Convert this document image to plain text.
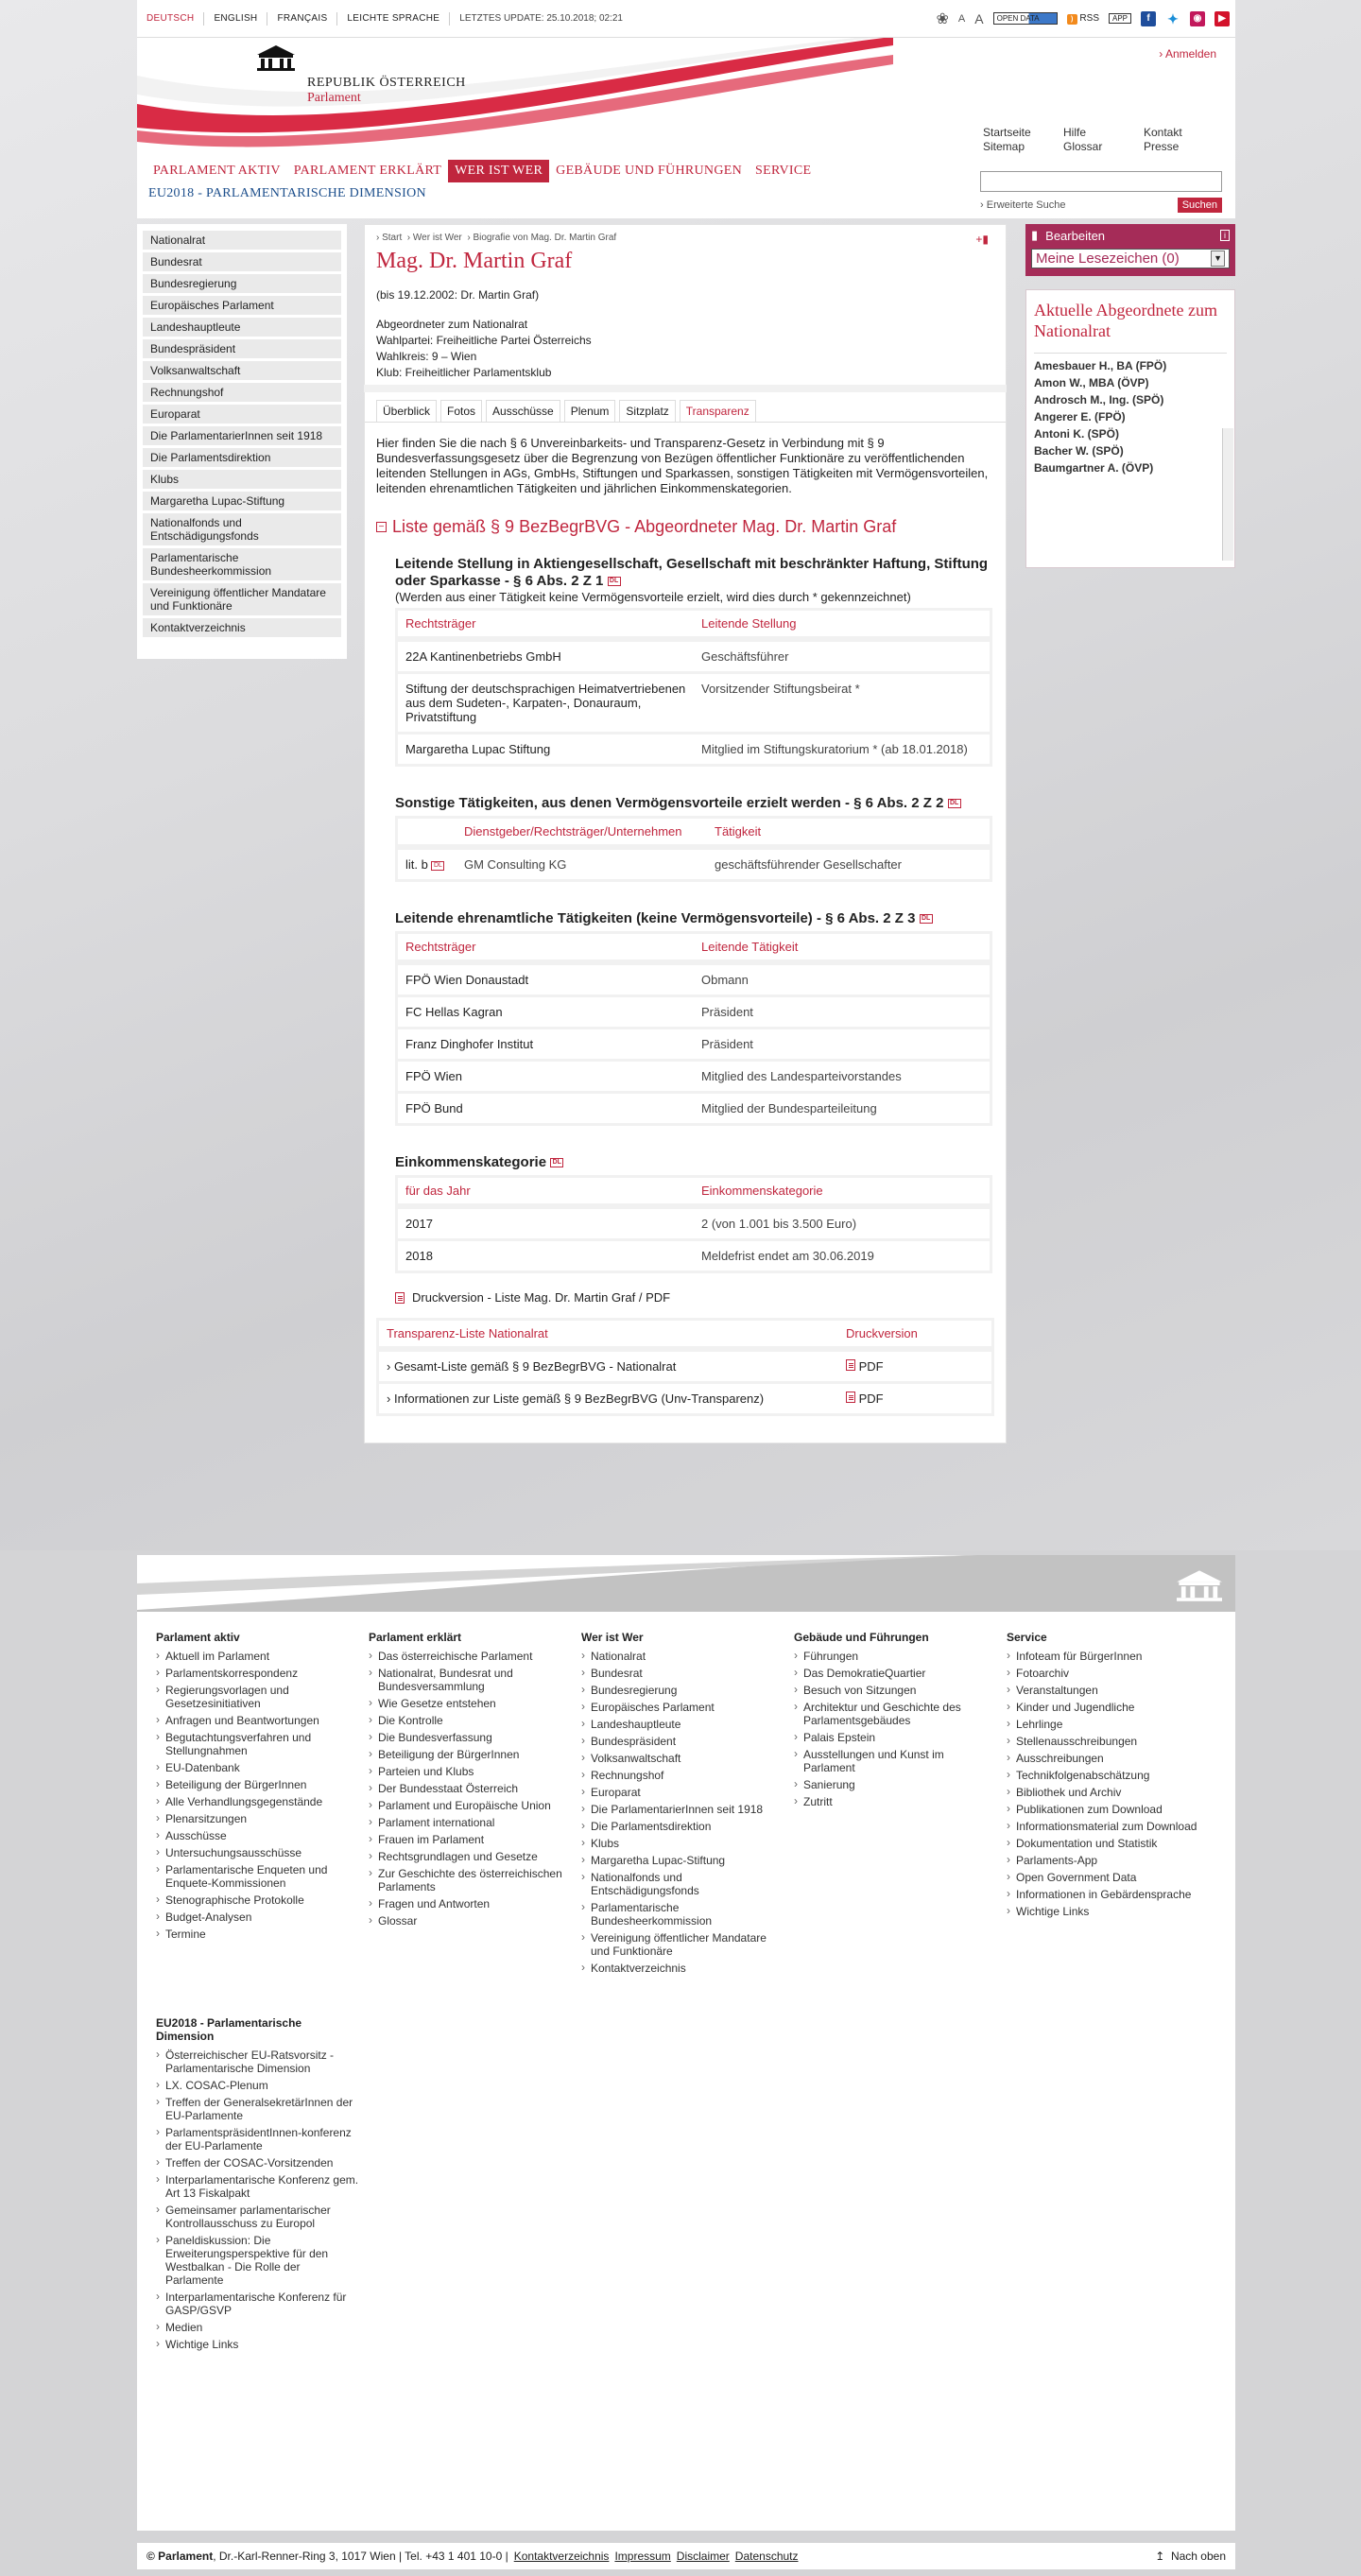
DEUTSCH	ENGLISH	FRANÇAIS	LEICHTE SPRACHE	LETZTES UPDATE: 25.10.2018; 02:21	❀ A A	OPEN DATA	) RSS	APP	f	✦	◉	▶
REPUBLIK ÖSTERREICH
Parlament
› Anmelden
Startseite	Hilfe	Kontakt
Sitemap	Glossar	Presse
PARLAMENT AKTIV	PARLAMENT ERKLÄRT	WER IST WER	GEBÄUDE UND FÜHRUNGEN	SERVICE
EU2018 - PARLAMENTARISCHE DIMENSION
› Erweiterte Suche	Suchen
Nationalrat
Bundesrat
Bundesregierung
Europäisches Parlament
Landeshauptleute
Bundespräsident
Volksanwaltschaft
Rechnungshof
Europarat
Die ParlamentarierInnen seit 1918
Die Parlamentsdirektion
Klubs
Margaretha Lupac-Stiftung
Nationalfonds und Entschädigungsfonds
Parlamentarische Bundesheerkommission
Vereinigung öffentlicher Mandatare und Funktionäre
Kontaktverzeichnis
+▮
› Start › Wer ist Wer › Biografie von Mag. Dr. Martin Graf
Mag. Dr. Martin Graf
(bis 19.12.2002: Dr. Martin Graf)
Abgeordneter zum Nationalrat
Wahlpartei: Freiheitliche Partei Österreichs
Wahlkreis: 9 – Wien
Klub: Freiheitlicher Parlamentsklub
Überblick	Fotos	Ausschüsse	Plenum	Sitzplatz	Transparenz
Hier finden Sie die nach § 6 Unvereinbarkeits- und Transparenz-Gesetz in Verbindung mit § 9 Bundesverfassungsgesetz über die Begrenzung von Bezügen öffentlicher Funktionäre zu veröffentlichenden leitenden Stellungen in AGs, GmbHs, Stiftungen und Sparkassen, sonstigen Tätigkeiten mit Vermögensvorteilen, leitenden ehrenamtlichen Tätigkeiten und jährlichen Einkommenskategorien.
− Liste gemäß § 9 BezBegrBVG - Abgeordneter Mag. Dr. Martin Graf
Leitende Stellung in Aktiengesellschaft, Gesellschaft mit beschränkter Haftung, Stiftung oder Sparkasse - § 6 Abs. 2 Z 1 DL
(Werden aus einer Tätigkeit keine Vermögensvorteile erzielt, wird dies durch * gekennzeichnet)
Rechtsträger	Leitende Stellung
22A Kantinenbetriebs GmbH	Geschäftsführer
Stiftung der deutschsprachigen Heimatvertriebenen aus dem Sudeten-, Karpaten-, Donauraum, Privatstiftung	Vorsitzender Stiftungsbeirat *
Margaretha Lupac Stiftung	Mitglied im Stiftungskuratorium * (ab 18.01.2018)
Sonstige Tätigkeiten, aus denen Vermögensvorteile erzielt werden - § 6 Abs. 2 Z 2 DL
	Dienstgeber/Rechtsträger/Unternehmen	Tätigkeit
lit. b DL	GM Consulting KG	geschäftsführender Gesellschafter
Leitende ehrenamtliche Tätigkeiten (keine Vermögensvorteile) - § 6 Abs. 2 Z 3 DL
Rechtsträger	Leitende Tätigkeit
FPÖ Wien Donaustadt	Obmann
FC Hellas Kagran	Präsident
Franz Dinghofer Institut	Präsident
FPÖ Wien	Mitglied des Landesparteivorstandes
FPÖ Bund	Mitglied der Bundesparteileitung
Einkommenskategorie DL
für das Jahr	Einkommenskategorie
2017	2 (von 1.001 bis 3.500 Euro)
2018	Meldefrist endet am 30.06.2019
Druckversion - Liste Mag. Dr. Martin Graf / PDF
Transparenz-Liste Nationalrat	Druckversion
› Gesamt-Liste gemäß § 9 BezBegrBVG - Nationalrat	PDF
› Informationen zur Liste gemäß § 9 BezBegrBVG (Unv-Transparenz)	PDF
▮ Bearbeiten	i
Meine Lesezeichen (0)	▼
Aktuelle Abgeordnete zum Nationalrat
Amesbauer H., BA (FPÖ)
Amon W., MBA (ÖVP)
Androsch M., Ing. (SPÖ)
Angerer E. (FPÖ)
Antoni K. (SPÖ)
Bacher W. (SPÖ)
Baumgartner A. (ÖVP)
Parlament aktiv
› Aktuell im Parlament
› Parlamentskorrespondenz
› Regierungsvorlagen und Gesetzesinitiativen
› Anfragen und Beantwortungen
› Begutachtungsverfahren und Stellungnahmen
› EU-Datenbank
› Beteiligung der BürgerInnen
› Alle Verhandlungsgegenstände
› Plenarsitzungen
› Ausschüsse
› Untersuchungsausschüsse
› Parlamentarische Enqueten und Enquete-Kommissionen
› Stenographische Protokolle
› Budget-Analysen
› Termine
Parlament erklärt
› Das österreichische Parlament
› Nationalrat, Bundesrat und Bundesversammlung
› Wie Gesetze entstehen
› Die Kontrolle
› Die Bundesverfassung
› Beteiligung der BürgerInnen
› Parteien und Klubs
› Der Bundesstaat Österreich
› Parlament und Europäische Union
› Parlament international
› Frauen im Parlament
› Rechtsgrundlagen und Gesetze
› Zur Geschichte des österreichischen Parlaments
› Fragen und Antworten
› Glossar
Wer ist Wer
› Nationalrat
› Bundesrat
› Bundesregierung
› Europäisches Parlament
› Landeshauptleute
› Bundespräsident
› Volksanwaltschaft
› Rechnungshof
› Europarat
› Die ParlamentarierInnen seit 1918
› Die Parlamentsdirektion
› Klubs
› Margaretha Lupac-Stiftung
› Nationalfonds und Entschädigungsfonds
› Parlamentarische Bundesheerkommission
› Vereinigung öffentlicher Mandatare und Funktionäre
› Kontaktverzeichnis
Gebäude und Führungen
› Führungen
› Das DemokratieQuartier
› Besuch von Sitzungen
› Architektur und Geschichte des Parlamentsgebäudes
› Palais Epstein
› Ausstellungen und Kunst im Parlament
› Sanierung
› Zutritt
Service
› Infoteam für BürgerInnen
› Fotoarchiv
› Veranstaltungen
› Kinder und Jugendliche
› Lehrlinge
› Stellenausschreibungen
› Ausschreibungen
› Technikfolgenabschätzung
› Bibliothek und Archiv
› Publikationen zum Download
› Informationsmaterial zum Download
› Dokumentation und Statistik
› Parlaments-App
› Open Government Data
› Informationen in Gebärdensprache
› Wichtige Links
EU2018 - Parlamentarische Dimension
› Österreichischer EU-Ratsvorsitz - Parlamentarische Dimension
› LX. COSAC-Plenum
› Treffen der GeneralsekretärInnen der EU-Parlamente
› ParlamentspräsidentInnen-konferenz der EU-Parlamente
› Treffen der COSAC-Vorsitzenden
› Interparlamentarische Konferenz gem. Art 13 Fiskalpakt
› Gemeinsamer parlamentarischer Kontrollausschuss zu Europol
› Paneldiskussion: Die Erweiterungsperspektive für den Westbalkan - Die Rolle der Parlamente
› Interparlamentarische Konferenz für GASP/GSVP
› Medien
› Wichtige Links
© Parlament , Dr.-Karl-Renner-Ring 3, 1017 Wien | Tel. +43 1 401 10-0 | Kontaktverzeichnis Impressum Disclaimer Datenschutz	↥ Nach oben
